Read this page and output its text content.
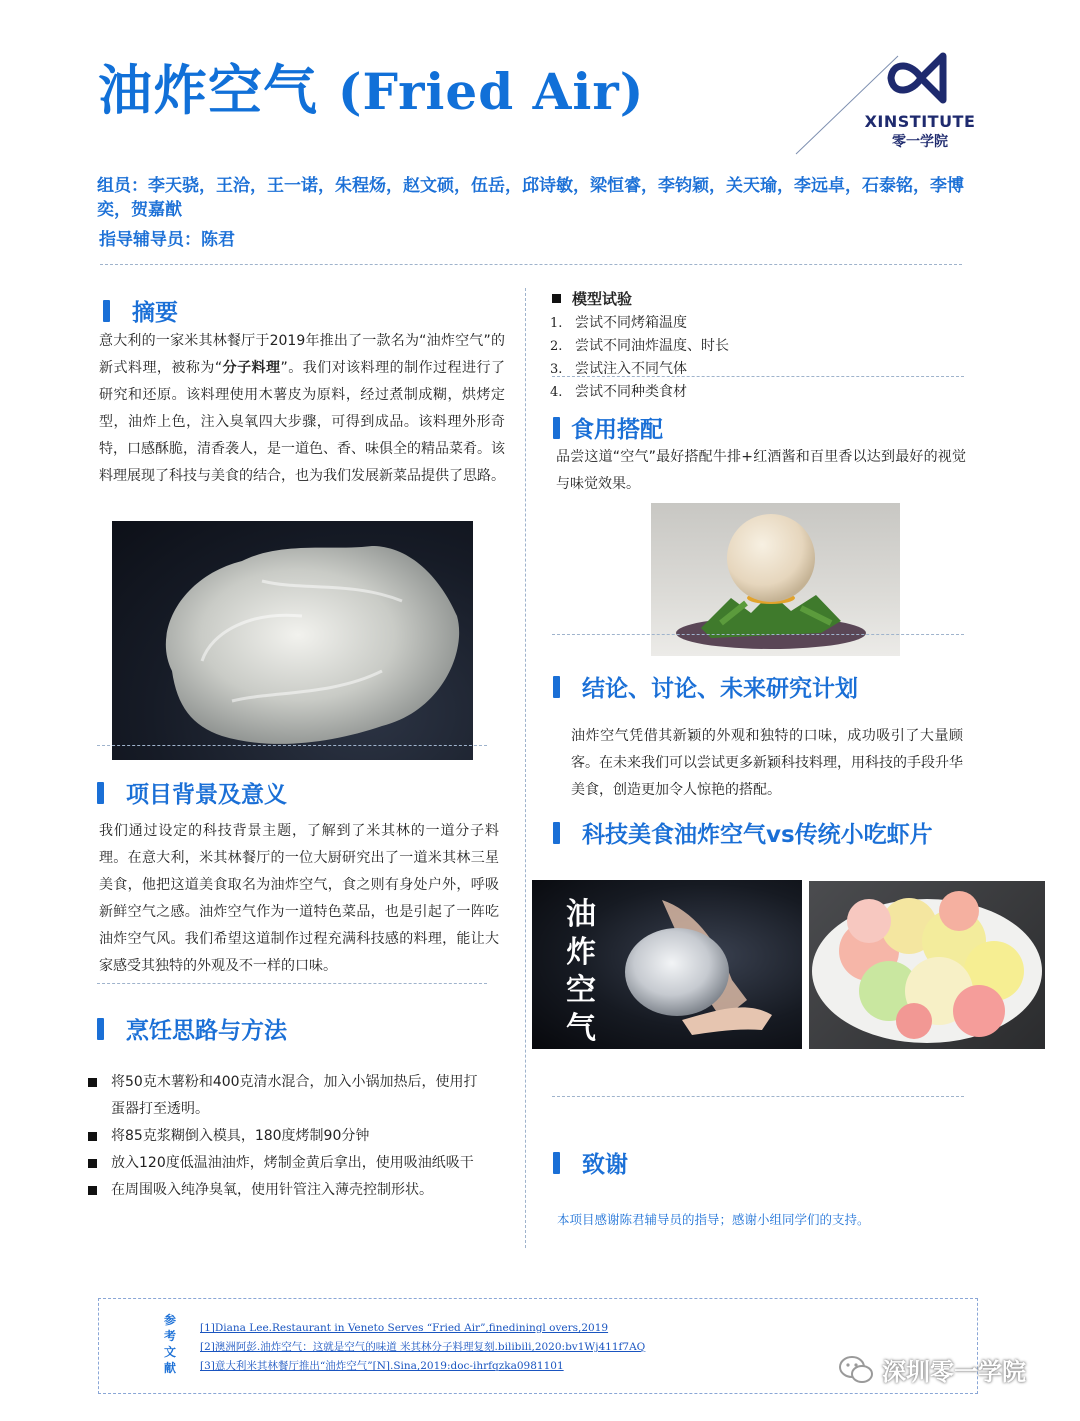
油炸空气 (Fried Air)
XINSTITUTE
零一学院
组员：李天骁，王洽，王一诺，朱程炀，赵文硕，伍岳，邱诗敏，梁恒睿，李钧颖，关天瑜，李远卓，石泰铭，李博奕，贺嘉猷
指导辅导员：陈君
摘要
意大利的一家米其林餐厅于2019年推出了一款名为“油炸空气”的新式料理，被称为“分子料理”。我们对该料理的制作过程进行了研究和还原。该料理使用木薯皮为原料，经过煮制成糊，烘烤定型，油炸上色，注入臭氧四大步骤，可得到成品。该料理外形奇特，口感酥脆，清香袭人，是一道色、香、味俱全的精品菜肴。该料理展现了科技与美食的结合，也为我们发展新菜品提供了思路。
项目背景及意义
我们通过设定的科技背景主题，了解到了米其林的一道分子料理。在意大利，米其林餐厅的一位大厨研究出了一道米其林三星美食，他把这道美食取名为油炸空气，食之则有身处户外，呼吸新鲜空气之感。油炸空气作为一道特色菜品，也是引起了一阵吃油炸空气风。我们希望这道制作过程充满科技感的料理，能让大家感受其独特的外观及不一样的口味。
烹饪思路与方法
将50克木薯粉和400克清水混合，加入小锅加热后，使用打蛋器打至透明。
将85克浆糊倒入模具，180度烤制90分钟
放入120度低温油油炸，烤制金黄后拿出，使用吸油纸吸干
在周围吸入纯净臭氧，使用针管注入薄壳控制形状。
模型试验
1. 尝试不同烤箱温度
2. 尝试不同油炸温度、时长
3. 尝试注入不同气体
4. 尝试不同种类食材
食用搭配
品尝这道“空气”最好搭配牛排+红酒酱和百里香以达到最好的视觉与味觉效果。
结论、讨论、未来研究计划
油炸空气凭借其新颖的外观和独特的口味，成功吸引了大量顾客。在未来我们可以尝试更多新颖科技料理，用科技的手段升华美食，创造更加令人惊艳的搭配。
科技美食油炸空气vs传统小吃虾片
油炸空气
致谢
本项目感谢陈君辅导员的指导；感谢小组同学们的支持。
参考文献
[1]Diana Lee.Restaurant in Veneto Serves “Fried Air”,finediningl overs,2019
[2]澳洲阿彭.油炸空气：这就是空气的味道 米其林分子料理复刻.bilibili,2020:bv1Wj411f7AQ
[3]意大利米其林餐厅推出“油炸空气”[N].Sina,2019:doc-ihrfqzka0981101	深圳零一学院
